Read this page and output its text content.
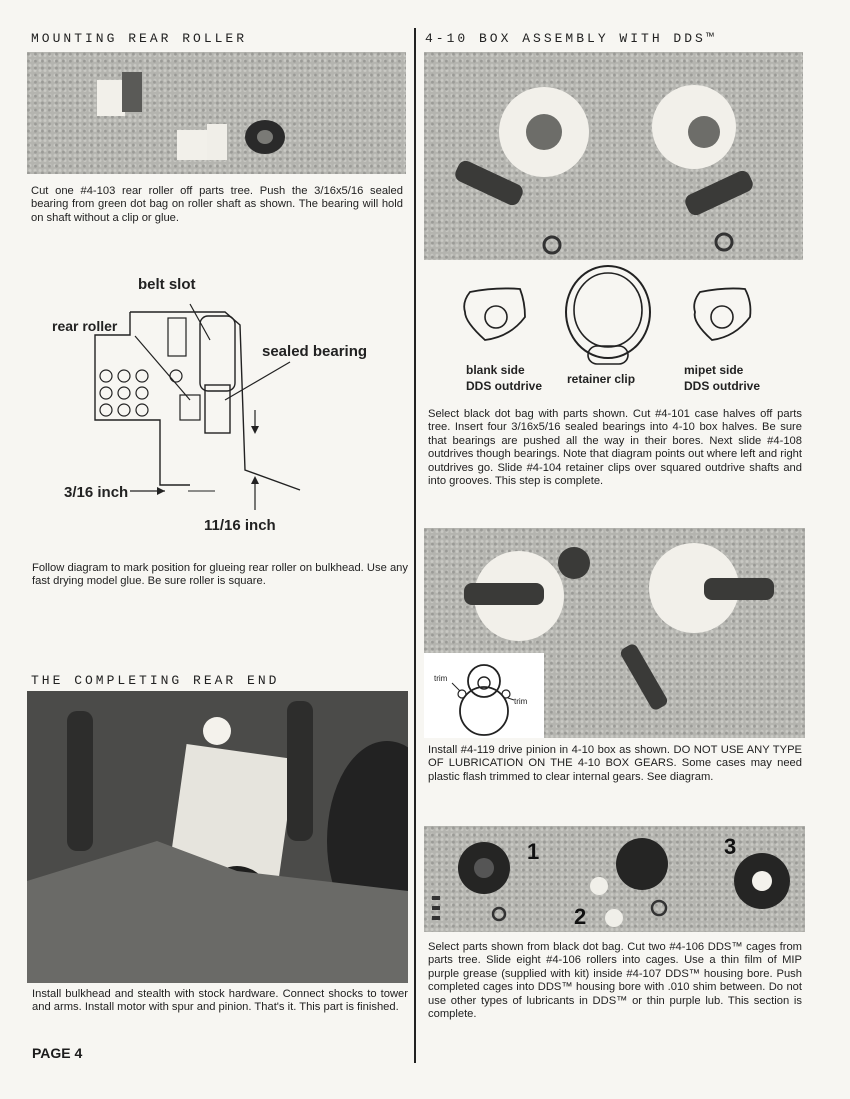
MOUNTING REAR ROLLER	4-10 BOX ASSEMBLY WITH DDS™
THE COMPLETING REAR END

Cut one #4-103 rear roller off parts tree. Push the 3/16x5/16 sealed bearing from green dot bag on roller shaft as shown. The bearing will hold on shaft without a clip or glue.

belt slot
rear roller
sealed bearing
3/16 inch
11/16 inch

Follow diagram to mark position for glueing rear roller on bulkhead. Use any fast drying model glue. Be sure roller is square.

Install bulkhead and stealth with stock hardware. Connect shocks to tower and arms. Install motor with spur and pinion. That's it. This part is finished.

PAGE 4
blank side
DDS outdrive retainer clip
mipet side
DDS outdrive

Select black dot bag with parts shown. Cut #4-101 case halves off parts tree. Insert four 3/16x5/16 sealed bearings into 4-10 box halves. Be sure that bearings are pushed all the way in their bores. Next slide #4-108 outdrives though bearings. Note that diagram points out where left and right outdrives go. Slide #4-104 retainer clips over squared outdrive shafts and into grooves. This step is complete.

trim
trim

Install #4-119 drive pinion in 4-10 box as shown. DO NOT USE ANY TYPE OF LUBRICATION ON THE 4-10 BOX GEARS. Some cases may need plastic flash trimmed to clear internal gears. See diagram.

1
2
3

Select parts shown from black dot bag. Cut two #4-106 DDS™ cages from parts tree. Slide eight #4-106 rollers into cages. Use a thin film of MIP purple grease (supplied with kit) inside #4-107 DDS™ housing bore. Push completed cages into DDS™ housing bore with .010 shim between. Do not use other types of lubricants in DDS™ or thin purple lub. This section is complete.
